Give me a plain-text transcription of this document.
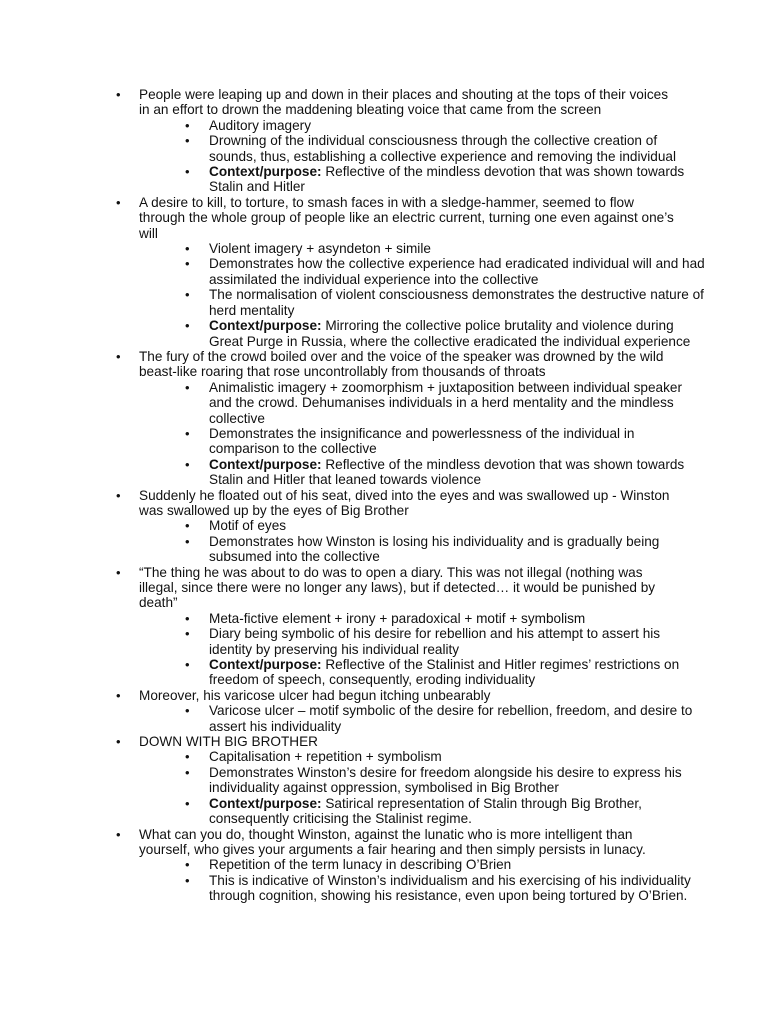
• People were leaping up and down in their places and shouting at the tops of their voices in an effort to drown the maddening bleating voice that came from the screen
• Auditory imagery
• Drowning of the individual consciousness through the collective creation of sounds, thus, establishing a collective experience and removing the individual
• Context/purpose: Reflective of the mindless devotion that was shown towards Stalin and Hitler
• A desire to kill, to torture, to smash faces in with a sledge-hammer, seemed to flow through the whole group of people like an electric current, turning one even against one’s will
• Violent imagery + asyndeton + simile
• Demonstrates how the collective experience had eradicated individual will and had assimilated the individual experience into the collective
• The normalisation of violent consciousness demonstrates the destructive nature of herd mentality
• Context/purpose: Mirroring the collective police brutality and violence during Great Purge in Russia, where the collective eradicated the individual experience
• The fury of the crowd boiled over and the voice of the speaker was drowned by the wild beast-like roaring that rose uncontrollably from thousands of throats
• Animalistic imagery + zoomorphism + juxtaposition between individual speaker and the crowd. Dehumanises individuals in a herd mentality and the mindless collective
• Demonstrates the insignificance and powerlessness of the individual in comparison to the collective
• Context/purpose: Reflective of the mindless devotion that was shown towards Stalin and Hitler that leaned towards violence
• Suddenly he floated out of his seat, dived into the eyes and was swallowed up - Winston was swallowed up by the eyes of Big Brother
• Motif of eyes
• Demonstrates how Winston is losing his individuality and is gradually being subsumed into the collective
• “The thing he was about to do was to open a diary. This was not illegal (nothing was illegal, since there were no longer any laws), but if detected… it would be punished by death”
• Meta-fictive element + irony + paradoxical + motif + symbolism
• Diary being symbolic of his desire for rebellion and his attempt to assert his identity by preserving his individual reality
• Context/purpose: Reflective of the Stalinist and Hitler regimes’ restrictions on freedom of speech, consequently, eroding individuality
• Moreover, his varicose ulcer had begun itching unbearably
• Varicose ulcer – motif symbolic of the desire for rebellion, freedom, and desire to assert his individuality
• DOWN WITH BIG BROTHER
• Capitalisation + repetition + symbolism
• Demonstrates Winston’s desire for freedom alongside his desire to express his individuality against oppression, symbolised in Big Brother
• Context/purpose: Satirical representation of Stalin through Big Brother, consequently criticising the Stalinist regime.
• What can you do, thought Winston, against the lunatic who is more intelligent than yourself, who gives your arguments a fair hearing and then simply persists in lunacy.
• Repetition of the term lunacy in describing O’Brien
• This is indicative of Winston’s individualism and his exercising of his individuality through cognition, showing his resistance, even upon being tortured by O’Brien.
